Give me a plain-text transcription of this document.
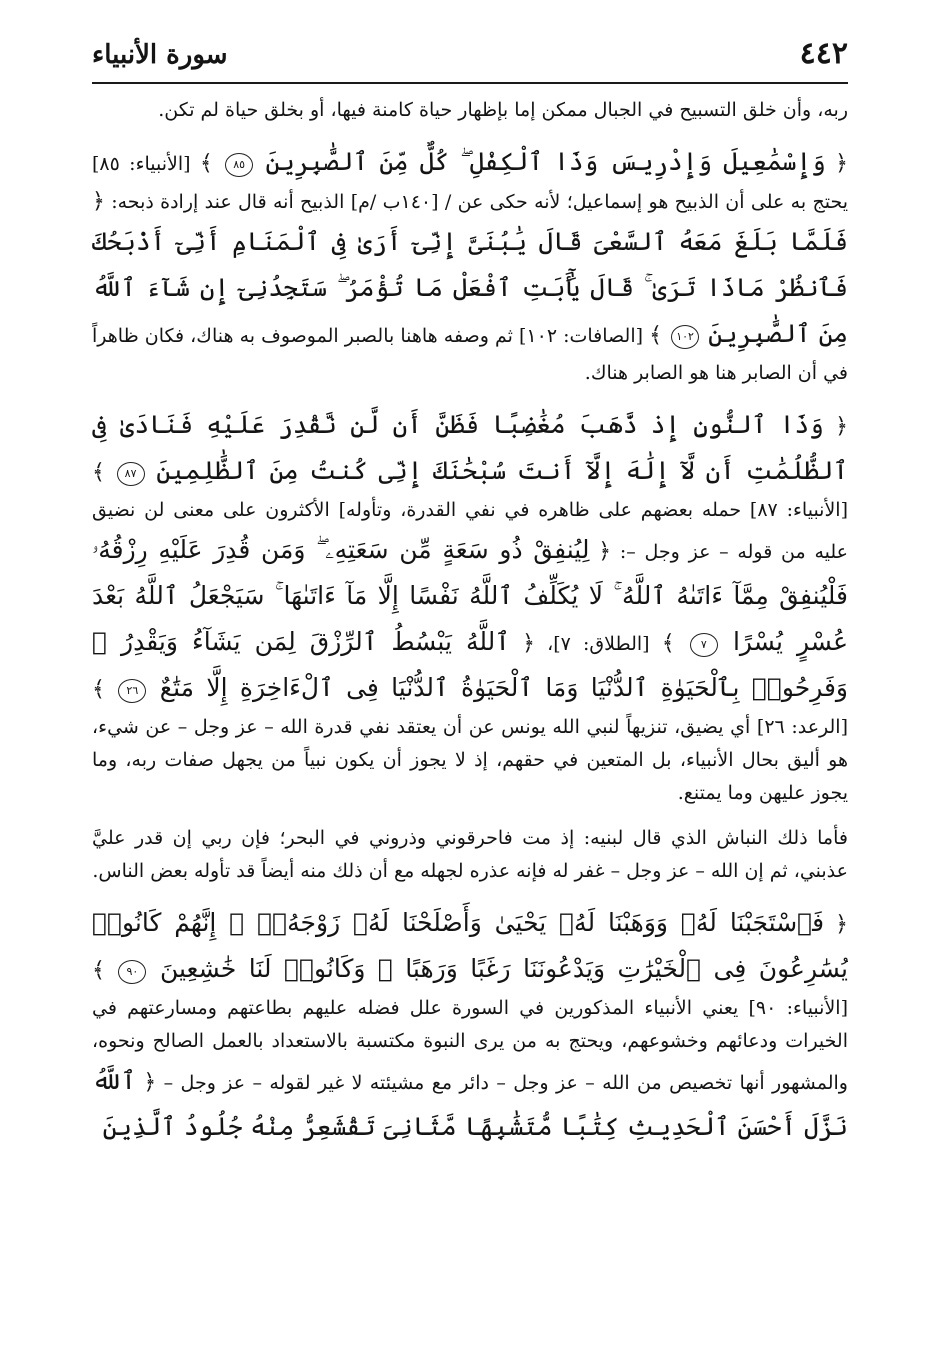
٤٤٢
سورة الأنبياء

ربه، وأن خلق التسبيح في الجبال ممكن إما بإظهار حياة كامنة فيها، أو بخلق حياة لم تكن.

﴿ وَإِسْمَٰعِيلَ وَإِدْرِيسَ وَذَا ٱلْكِفْلِ ۖ كُلٌّ مِّنَ ٱلصَّٰبِرِينَ ٨٥ ﴾ [الأنبياء: ٨٥] يحتج به على أن الذبيح هو إسماعيل؛ لأنه حكى عن / [١٤٠ب /م] الذبيح أنه قال عند إرادة ذبحه: ﴿ فَلَمَّا بَلَغَ مَعَهُ ٱلسَّعْىَ قَالَ يَٰبُنَىَّ إِنِّىٓ أَرَىٰ فِى ٱلْمَنَامِ أَنِّىٓ أَذْبَحُكَ فَٱنظُرْ مَاذَا تَرَىٰ ۚ قَالَ يَٰٓأَبَتِ ٱفْعَلْ مَا تُؤْمَرُ ۖ سَتَجِدُنِىٓ إِن شَآءَ ٱللَّهُ مِنَ ٱلصَّٰبِرِينَ ١٠٢ ﴾ [الصافات: ١٠٢] ثم وصفه هاهنا بالصبر الموصوف به هناك، فكان ظاهراً في أن الصابر هنا هو الصابر هناك.

﴿ وَذَا ٱلنُّونِ إِذ ذَّهَبَ مُغَٰضِبًا فَظَنَّ أَن لَّن نَّقْدِرَ عَلَيْهِ فَنَادَىٰ فِى ٱلظُّلُمَٰتِ أَن لَّآ إِلَٰهَ إِلَّآ أَنتَ سُبْحَٰنَكَ إِنِّى كُنتُ مِنَ ٱلظَّٰلِمِينَ ٨٧ ﴾ [الأنبياء: ٨٧] حمله بعضهم على ظاهره في نفي القدرة، وتأوله] الأكثرون على معنى لن نضيق عليه من قوله – عز وجل –: ﴿ لِيُنفِقْ ذُو سَعَةٍ مِّن سَعَتِهِۦ ۖ وَمَن قُدِرَ عَلَيْهِ رِزْقُهُۥ فَلْيُنفِقْ مِمَّآ ءَاتَىٰهُ ٱللَّهُ ۚ لَا يُكَلِّفُ ٱللَّهُ نَفْسًا إِلَّا مَآ ءَاتَىٰهَا ۚ سَيَجْعَلُ ٱللَّهُ بَعْدَ عُسْرٍ يُسْرًا ٧ ﴾ [الطلاق: ٧]، ﴿ ٱللَّهُ يَبْسُطُ ٱلرِّزْقَ لِمَن يَشَآءُ وَيَقْدِرُ ۚ وَفَرِحُوا۟ بِٱلْحَيَوٰةِ ٱلدُّنْيَا وَمَا ٱلْحَيَوٰةُ ٱلدُّنْيَا فِى ٱلْءَاخِرَةِ إِلَّا مَتَٰعٌ ٢٦ ﴾ [الرعد: ٢٦] أي يضيق، تنزيهاً لنبي الله يونس عن أن يعتقد نفي قدرة الله – عز وجل – عن شيء، هو أليق بحال الأنبياء، بل المتعين في حقهم، إذ لا يجوز أن يكون نبياً من يجهل صفات ربه، وما يجوز عليهن وما يمتنع.

فأما ذلك النباش الذي قال لبنيه: إذ مت فاحرقوني وذروني في البحر؛ فإن ربي إن قدر عليَّ عذبني، ثم إن الله – عز وجل – غفر له فإنه عذره لجهله مع أن ذلك منه أيضاً قد تأوله بعض الناس.

﴿ فَٱسْتَجَبْنَا لَهُۥ وَوَهَبْنَا لَهُۥ يَحْيَىٰ وَأَصْلَحْنَا لَهُۥ زَوْجَهُۥٓ ۚ إِنَّهُمْ كَانُوا۟ يُسَٰرِعُونَ فِى ٱلْخَيْرَٰتِ وَيَدْعُونَنَا رَغَبًا وَرَهَبًا ۖ وَكَانُوا۟ لَنَا خَٰشِعِينَ ٩٠ ﴾ [الأنبياء: ٩٠] يعني الأنبياء المذكورين في السورة علل فضله عليهم بطاعتهم ومسارعتهم في الخيرات ودعائهم وخشوعهم، ويحتج به من يرى النبوة مكتسبة بالاستعداد بالعمل الصالح ونحوه، والمشهور أنها تخصيص من الله – عز وجل – دائر مع مشيئته لا غير لقوله – عز وجل – ﴿ ٱللَّهُ نَزَّلَ أَحْسَنَ ٱلْحَدِيثِ كِتَٰبًا مُّتَشَٰبِهًا مَّثَانِىَ تَقْشَعِرُّ مِنْهُ جُلُودُ ٱلَّذِينَ
